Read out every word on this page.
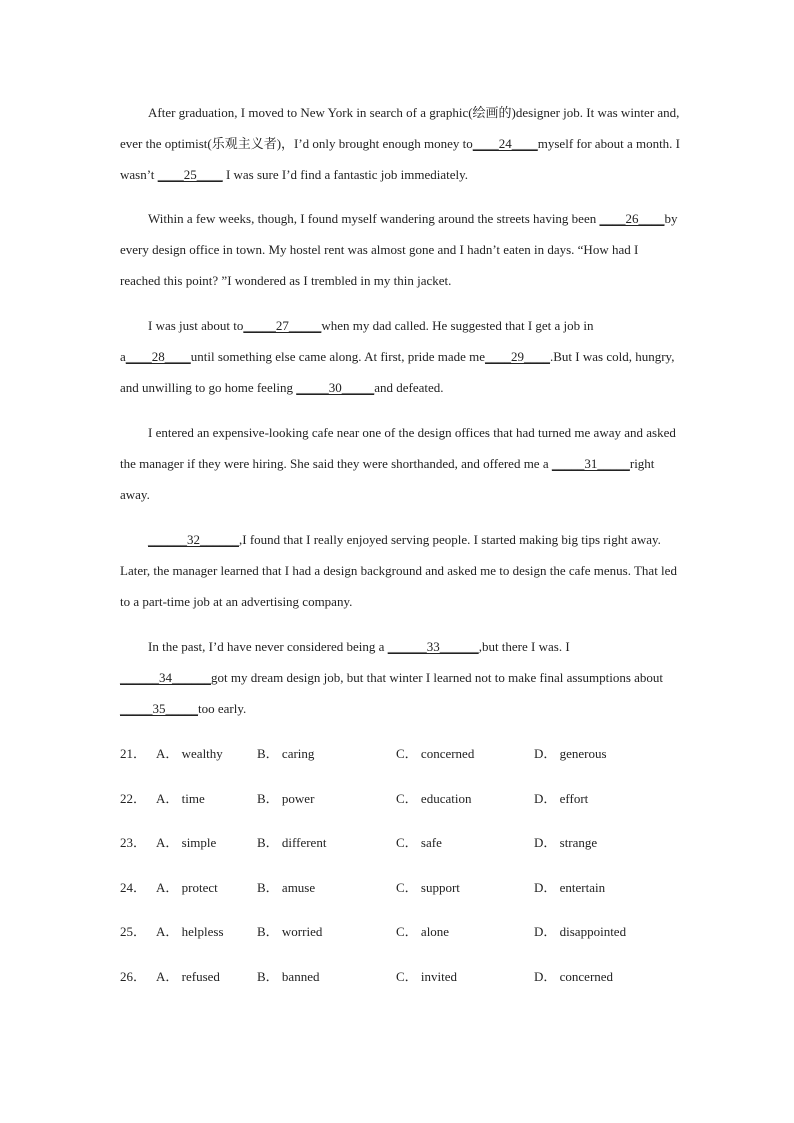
After graduation, I moved to New York in search of a graphic(绘画的)designer job. It was winter and, ever the optimist(乐观主义者)，I’d only brought enough money to____24____myself for about a month. I wasn’t ____25____ I was sure I’d find a fantastic job immediately.

Within a few weeks, though, I found myself wandering around the streets having been ____26____by every design office in town. My hostel rent was almost gone and I hadn’t eaten in days. “How had I reached this point? ”I wondered as I trembled in my thin jacket.

I was just about to_____27_____when my dad called. He suggested that I get a job in a____28____until something else came along. At first, pride made me____29____.But I was cold, hungry, and unwilling to go home feeling _____30_____and defeated.

I entered an expensive-looking cafe near one of the design offices that had turned me away and asked the manager if they were hiring. She said they were shorthanded, and offered me a _____31_____right away.

______32______,I found that I really enjoyed serving people. I started making big tips right away. Later, the manager learned that I had a design background and asked me to design the cafe menus. That led to a part-time job at an advertising company.

In the past, I’d have never considered being a ______33______,but there I was. I ______34______got my dream design job, but that winter I learned not to make final assumptions about _____35_____too early.

21． A． wealthy	B． caring	C． concerned	D． generous
22． A． time	B． power	C． education	D． effort
23． A． simple	B． different	C． safe	D． strange
24． A． protect	B． amuse	C． support	D． entertain
25． A． helpless	B． worried	C． alone	D． disappointed
26． A． refused	B． banned	C． invited	D． concerned
